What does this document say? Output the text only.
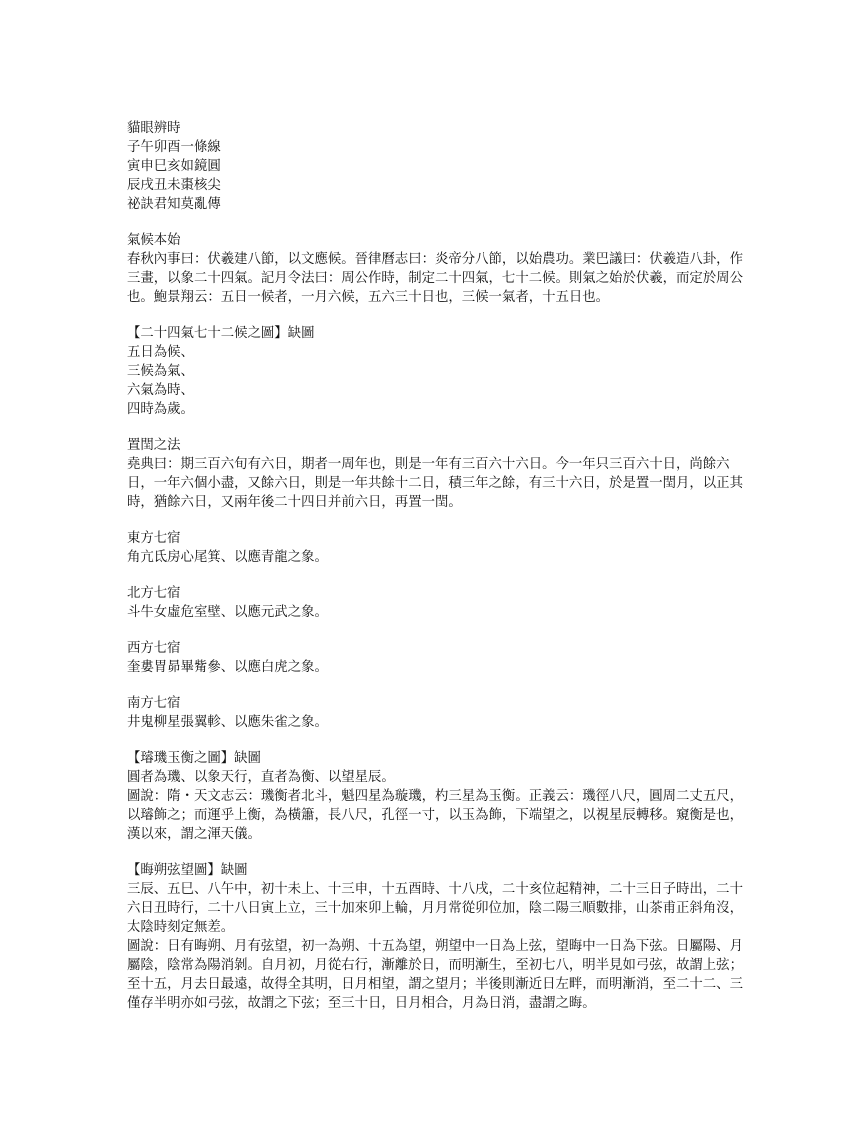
貓眼辨時
子午卯酉一條線
寅申巳亥如鏡圓
辰戌丑未棗核尖
祕訣君知莫亂傳
氣候本始
春秋內事曰：伏羲建八節，以文應候。晉律曆志曰：炎帝分八節，以始農功。業巴議曰：伏羲造八卦，作三畫，以象二十四氣。記月令法曰：周公作時，制定二十四氣，七十二候。則氣之始於伏羲，而定於周公也。鮑景翔云：五日一候者，一月六候，五六三十日也，三候一氣者，十五日也。
【二十四氣七十二候之圖】缺圖
五日為候、
三候為氣、
六氣為時、
四時為歲。
置閏之法
堯典曰：期三百六旬有六日，期者一周年也，則是一年有三百六十六日。今一年只三百六十日，尚餘六日，一年六個小盡，又餘六日，則是一年共餘十二日，積三年之餘，有三十六日，於是置一閏月，以正其時，猶餘六日，又兩年後二十四日并前六日，再置一閏。
東方七宿
角亢氐房心尾箕、以應青龍之象。
北方七宿
斗牛女虛危室壁、以應元武之象。
西方七宿
奎婁胃昴畢觜參、以應白虎之象。
南方七宿
井鬼柳星張翼軫、以應朱雀之象。
【璿璣玉衡之圖】缺圖
圓者為璣、以象天行，直者為衡、以望星辰。
圖說：隋・天文志云：璣衡者北斗，魁四星為璇璣，杓三星為玉衡。正義云：璣徑八尺，圓周二丈五尺，以璿飾之；而運乎上衡，為橫簫，長八尺，孔徑一寸，以玉為飾，下端望之，以視星辰轉移。窺衡是也，漢以來，謂之渾天儀。
【晦朔弦望圖】缺圖
三辰、五巳、八午中，初十未上、十三申，十五酉時、十八戌，二十亥位起精神，二十三日子時出，二十六日丑時行，二十八日寅上立，三十加來卯上輪，月月常從卯位加，陰二陽三順數排，山茶甫正斜角沒，太陰時刻定無差。
圖說：日有晦朔、月有弦望，初一為朔、十五為望，朔望中一日為上弦，望晦中一日為下弦。日屬陽、月屬陰，陰常為陽消剝。自月初，月從右行，漸離於日，而明漸生，至初七八，明半見如弓弦，故謂上弦；至十五，月去日最遠，故得全其明，日月相望，謂之望月；半後則漸近日左畔，而明漸消，至二十二、三僅存半明亦如弓弦，故謂之下弦；至三十日，日月相合，月為日消，盡謂之晦。
